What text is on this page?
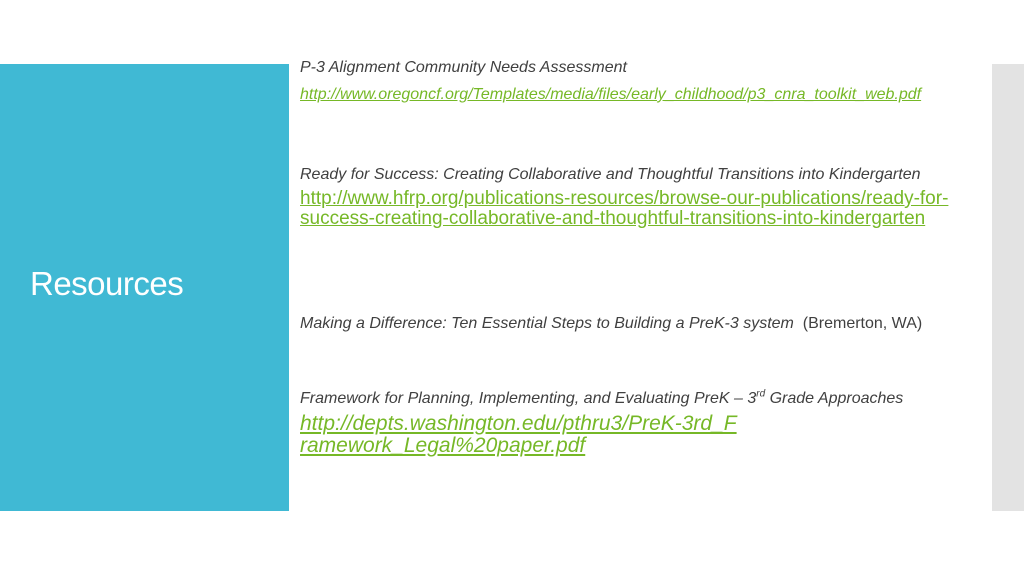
Resources

P-3 Alignment Community Needs Assessment

http://www.oregoncf.org/Templates/media/files/early_childhood/p3_cnra_toolkit_web.pdf

Ready for Success: Creating Collaborative and Thoughtful Transitions into Kindergarten

http://www.hfrp.org/publications-resources/browse-our-publications/ready-for-success-creating-collaborative-and-thoughtful-transitions-into-kindergarten

Making a Difference: Ten Essential Steps to Building a PreK-3 system (Bremerton, WA)

Framework for Planning, Implementing, and Evaluating PreK – 3rd Grade Approaches

http://depts.washington.edu/pthru3/PreK-3rd_Framework_Legal%20paper.pdf
